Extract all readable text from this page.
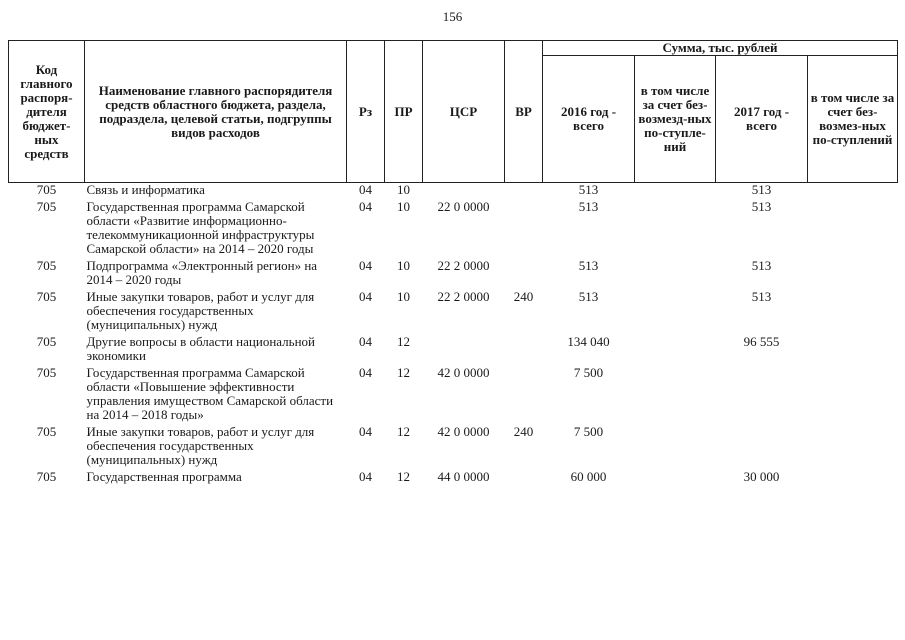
156
Код главного распоря-дителя бюджет-ных средств	Наименование главного распорядителя средств областного бюджета, раздела, подраздела, целевой статьи, подгруппы видов расходов	Рз	ПР	ЦСР	ВР	Сумма, тыс. рублей			
						2016 год - всего	в том числе за счет без-возмезд-ных по-ступле-ний	2017 год - всего	в том числе за счет без-возмез-ных по-ступлений
705	Связь и информатика	04	10			513		513	
705	Государственная программа Самарской области «Развитие информационно-телекоммуникационной инфраструктуры Самарской области» на 2014 – 2020 годы	04	10	22 0 0000		513		513	
705	Подпрограмма «Электронный регион» на 2014 – 2020 годы	04	10	22 2 0000		513		513	
705	Иные закупки товаров, работ и услуг для обеспечения государственных (муниципальных) нужд	04	10	22 2 0000	240	513		513	
705	Другие вопросы в области национальной экономики	04	12			134 040		96 555	
705	Государственная программа Самарской области «Повышение эффективности управления имуществом Самарской области на 2014 – 2018 годы»	04	12	42 0 0000		7 500			
705	Иные закупки товаров, работ и услуг для обеспечения государственных (муниципальных) нужд	04	12	42 0 0000	240	7 500			
705	Государственная программа	04	12	44 0 0000		60 000		30 000	
